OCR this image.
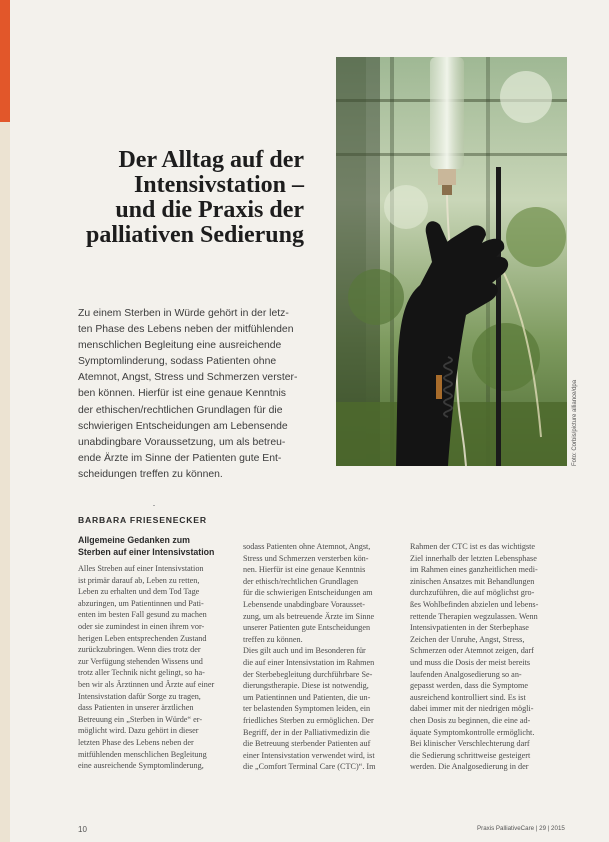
Der Alltag auf der
Intensivstation –
und die Praxis der
palliativen Sedierung
Zu einem Sterben in Würde gehört in der letz-
ten Phase des Lebens neben der mitfühlenden
menschlichen Begleitung eine ausreichende
Symptomlinderung, sodass Patienten ohne
Atemnot, Angst, Stress und Schmerzen verster-
ben können. Hierfür ist eine genaue Kenntnis
der ethischen/rechtlichen Grundlagen für die
schwierigen Entscheidungen am Lebensende
unabdingbare Voraussetzung, um als betreu-
ende Ärzte im Sinne der Patienten gute Ent-
scheidungen treffen zu können.
Foto: Corbis/picture alliance/dpa
BARBARA FRIESENECKER
Allgemeine Gedanken zum
Sterben auf einer Intensivstation
Alles Streben auf einer Intensivstation
ist primär darauf ab, Leben zu retten,
Leben zu erhalten und dem Tod Tage
abzuringen, um Patientinnen und Pati-
enten im besten Fall gesund zu machen
oder sie zumindest in einen ihrem vor-
herigen Leben entsprechenden Zustand
zurückzubringen. Wenn dies trotz der
zur Verfügung stehenden Wissens und
trotz aller Technik nicht gelingt, so ha-
ben wir als Ärztinnen und Ärzte auf einer
Intensivstation dafür Sorge zu tragen,
dass Patienten in unserer ärztlichen
Betreuung ein „Sterben in Würde“ er-
möglicht wird. Dazu gehört in dieser
letzten Phase des Lebens neben der
mitfühlenden menschlichen Begleitung
eine ausreichende Symptomlinderung,
sodass Patienten ohne Atemnot, Angst,
Stress und Schmerzen versterben kön-
nen. Hierfür ist eine genaue Kenntnis
der ethisch/rechtlichen Grundlagen
für die schwierigen Entscheidungen am
Lebensende unabdingbare Vorausset-
zung, um als betreuende Ärzte im Sinne
unserer Patienten gute Entscheidungen
treffen zu können.
Dies gilt auch und im Besonderen für
die auf einer Intensivstation im Rahmen
der Sterbebegleitung durchführbare Se-
dierungstherapie. Diese ist notwendig,
um Patientinnen und Patienten, die un-
ter belastenden Symptomen leiden, ein
friedliches Sterben zu ermöglichen. Der
Begriff, der in der Palliativmedizin die
die Betreuung sterbender Patienten auf
einer Intensivstation verwendet wird, ist
die „Comfort Terminal Care (CTC)“. Im
Rahmen der CTC ist es das wichtigste
Ziel innerhalb der letzten Lebensphase
im Rahmen eines ganzheitlichen medi-
zinischen Ansatzes mit Behandlungen
durchzuführen, die auf möglichst gro-
ßes Wohlbefinden abzielen und lebens-
rettende Therapien wegzulassen. Wenn
Intensivpatienten in der Sterbephase
Zeichen der Unruhe, Angst, Stress,
Schmerzen oder Atemnot zeigen, darf
und muss die Dosis der meist bereits
laufenden Analgosedierung so an-
gepasst werden, dass die Symptome
ausreichend kontrolliert sind. Es ist
dabei immer mit der niedrigen mögli-
chen Dosis zu beginnen, die eine ad-
äquate Symptomkontrolle ermöglicht.
Bei klinischer Verschlechterung darf
die Sedierung schrittweise gesteigert
werden. Die Analgosedierung in der
10	Praxis PalliativeCare | 29 | 2015
